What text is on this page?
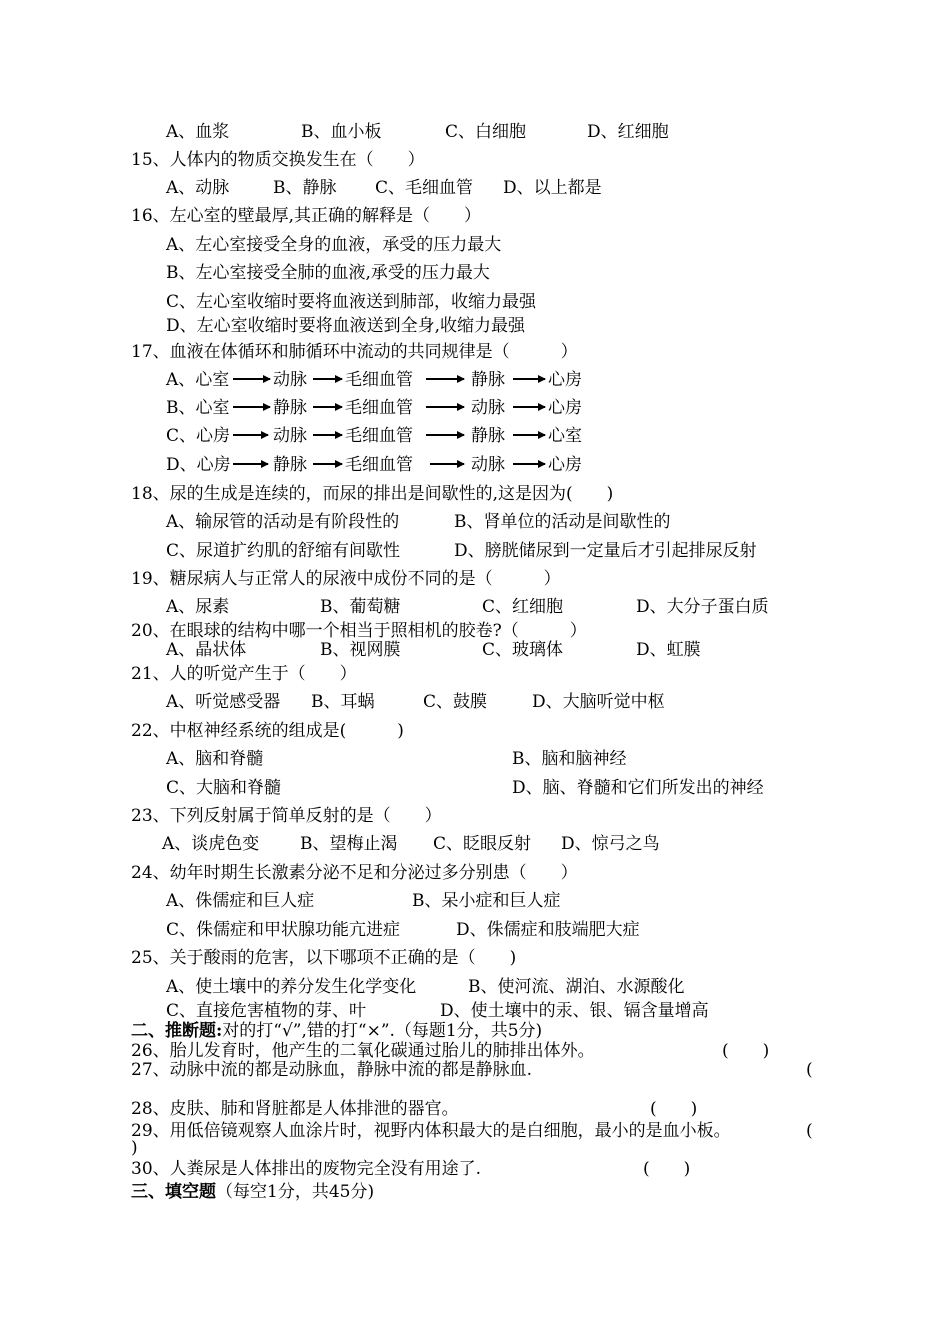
A、血浆	B、血小板	C、白细胞	D、红细胞
15、人体内的物质交换发生在（　　）
A、动脉	B、静脉 C、毛细血管 D、以上都是
16、左心室的壁最厚,其正确的解释是（　　）
A、左心室接受全身的血液，承受的压力最大
B、左心室接受全肺的血液,承受的压力最大
C、左心室收缩时要将血液送到肺部，收缩力最强
D、左心室收缩时要将血液送到全身,收缩力最强
17、血液在体循环和肺循环中流动的共同规律是（　　　）
A、心室	动脉 毛细血管	静脉	心房
B、心室	静脉 毛细血管	动脉	心房
C、心房	动脉 毛细血管	静脉	心室
D、心房 静脉 毛细血管	动脉	心房
18、尿的生成是连续的，而尿的排出是间歇性的,这是因为(　　)
A、输尿管的活动是有阶段性的	B、肾单位的活动是间歇性的
C、尿道扩约肌的舒缩有间歇性	D、膀胱储尿到一定量后才引起排尿反射
19、糖尿病人与正常人的尿液中成份不同的是（　　　）
A、尿素	B、葡萄糖	C、红细胞	D、大分子蛋白质
20、在眼球的结构中哪一个相当于照相机的胶卷?（　　　）
A、晶状体	B、视网膜	C、玻璃体	D、虹膜
21、人的听觉产生于（　　）
A、听觉感受器 B、耳蜗	C、鼓膜	D、大脑听觉中枢
22、中枢神经系统的组成是(　　　)
A、脑和脊髓	B、脑和脑神经
C、大脑和脊髓	D、脑、脊髓和它们所发出的神经
23、下列反射属于简单反射的是（　　）
A、谈虎色变 B、望梅止渴 C、眨眼反射 D、惊弓之鸟
24、幼年时期生长激素分泌不足和分泌过多分别患（　　）
A、侏儒症和巨人症	B、呆小症和巨人症
C、侏儒症和甲状腺功能亢进症	D、侏儒症和肢端肥大症
25、关于酸雨的危害，以下哪项不正确的是（　　)
A、使土壤中的养分发生化学变化	B、使河流、湖泊、水源酸化
C、直接危害植物的芽、叶	D、使土壤中的汞、银、镉含量增高
二、推断题:对的打“√”,错的打“×”.（每题1分，共5分)
26、胎儿发育时，他产生的二氧化碳通过胎儿的肺排出体外。	(　　)
27、动脉中流的都是动脉血，静脉中流的都是静脉血.	(
28、皮肤、肺和肾脏都是人体排泄的器官。	(　　)
29、用低倍镜观察人血涂片时，视野内体积最大的是白细胞，最小的是血小板。	(
)
30、人粪尿是人体排出的废物完全没有用途了.	(　　)
三、填空题（每空1分，共45分)
